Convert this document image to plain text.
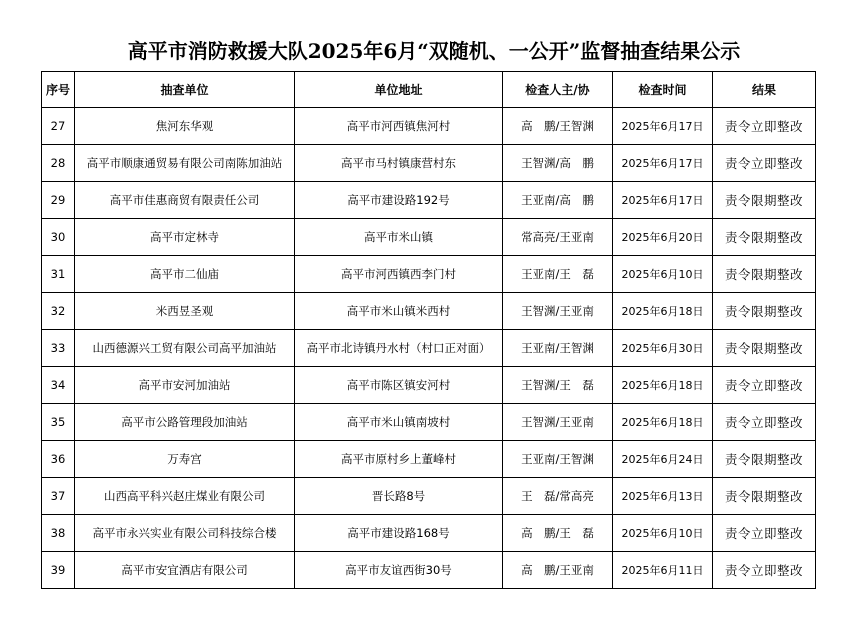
高平市消防救援大队2025年6月“双随机、一公开”监督抽查结果公示
序号	抽查单位	单位地址	检查人主/协	检查时间	结果
27	焦河东华观	高平市河西镇焦河村	高　鹏/王智渊	2025年6月17日	责令立即整改
28	高平市顺康通贸易有限公司南陈加油站	高平市马村镇康营村东	王智渊/高　鹏	2025年6月17日	责令立即整改
29	高平市佳惠商贸有限责任公司	高平市建设路192号	王亚南/高　鹏	2025年6月17日	责令限期整改
30	高平市定林寺	高平市米山镇	常高亮/王亚南	2025年6月20日	责令限期整改
31	高平市二仙庙	高平市河西镇西李门村	王亚南/王　磊	2025年6月10日	责令限期整改
32	米西昱圣观	高平市米山镇米西村	王智渊/王亚南	2025年6月18日	责令限期整改
33	山西德源兴工贸有限公司高平加油站	高平市北诗镇丹水村（村口正对面）	王亚南/王智渊	2025年6月30日	责令限期整改
34	高平市安河加油站	高平市陈区镇安河村	王智渊/王　磊	2025年6月18日	责令立即整改
35	高平市公路管理段加油站	高平市米山镇南坡村	王智渊/王亚南	2025年6月18日	责令立即整改
36	万寿宫	高平市原村乡上董峰村	王亚南/王智渊	2025年6月24日	责令限期整改
37	山西高平科兴赵庄煤业有限公司	晋长路8号	王　磊/常高亮	2025年6月13日	责令限期整改
38	高平市永兴实业有限公司科技综合楼	高平市建设路168号	高　鹏/王　磊	2025年6月10日	责令立即整改
39	高平市安宜酒店有限公司	高平市友谊西街30号	高　鹏/王亚南	2025年6月11日	责令立即整改
